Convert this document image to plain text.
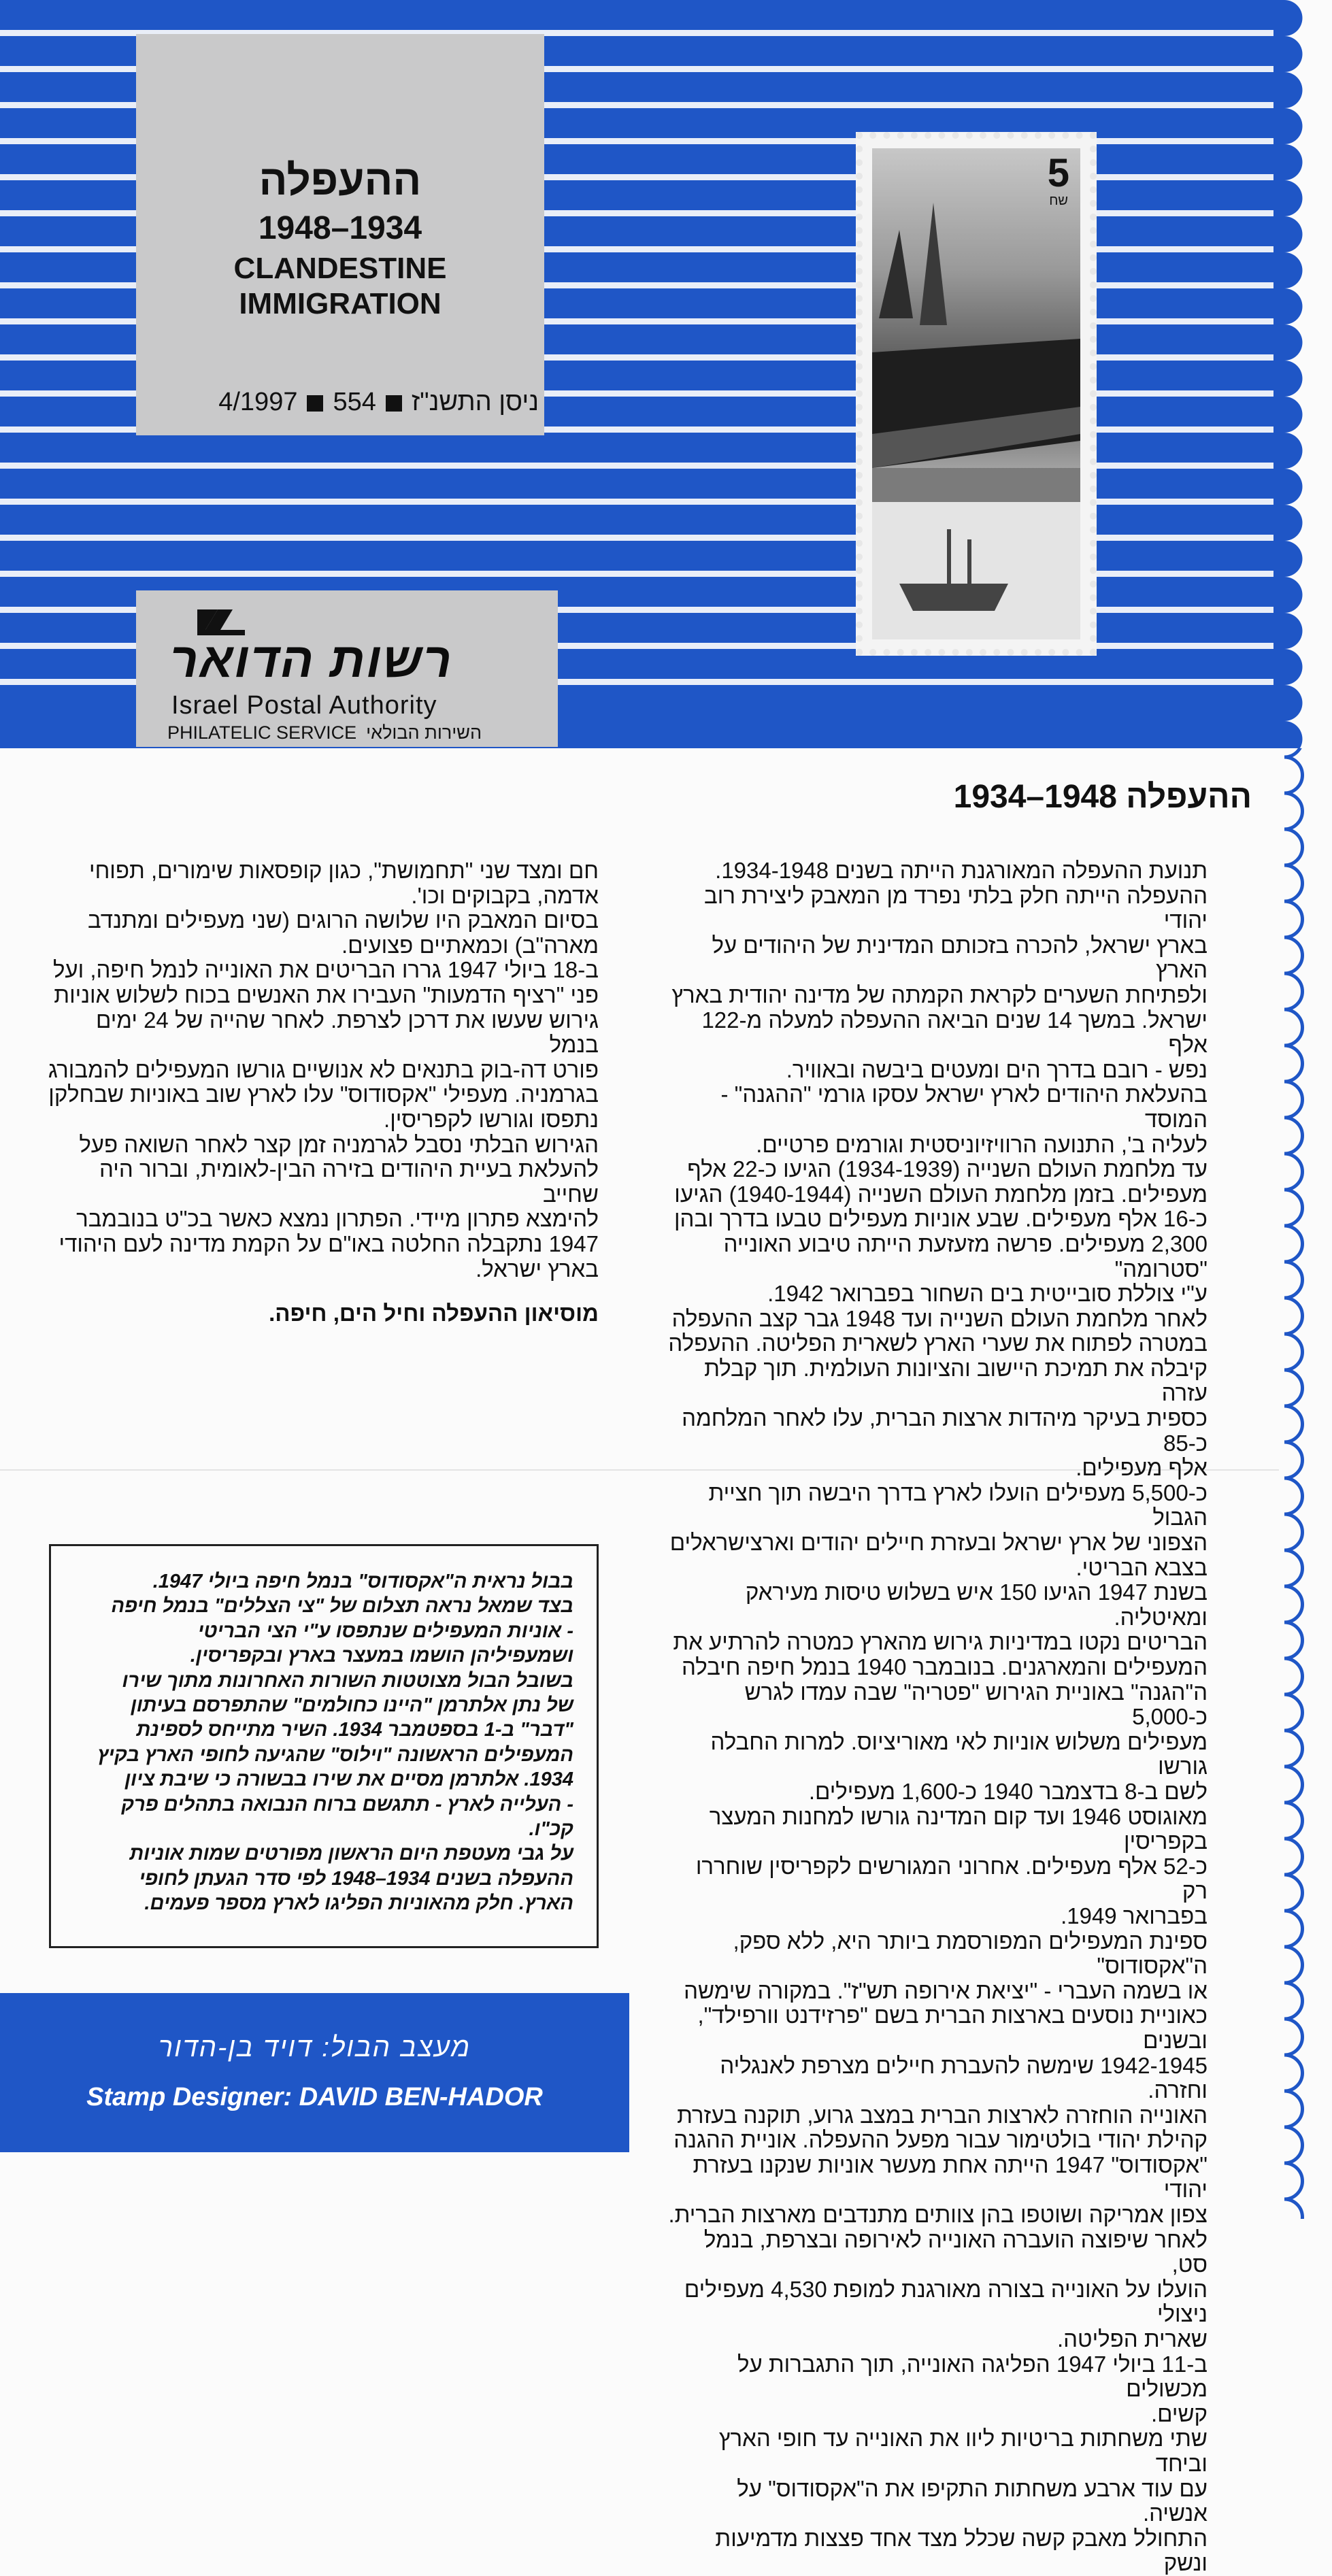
ההעפלה
1948–1934
CLANDESTINE
IMMIGRATION
ניסן התשנ"ז4/1997 554
רשות הדואר
Israel Postal Authority
PHILATELIC SERVICE השירות הבולאי
5
שח
ההעפלה 1948–1934

תנועת ההעפלה המאורגנת הייתה בשנים 1934-1948.

ההעפלה הייתה חלק בלתי נפרד מן המאבק ליצירת רוב יהודי

בארץ ישראל, להכרה בזכותם המדינית של היהודים על הארץ

ולפתיחת השערים לקראת הקמתה של מדינה יהודית בארץ

ישראל. במשך 14 שנים הביאה ההעפלה למעלה מ-122 אלף

נפש - רובם בדרך הים ומעטים ביבשה ובאוויר.

בהעלאת היהודים לארץ ישראל עסקו גורמי "ההגנה" - המוסד

לעליה ב', התנועה הרוויזיוניסטית וגורמים פרטיים.

עד מלחמת העולם השנייה (1934-1939) הגיעו כ-22 אלף

מעפילים. בזמן מלחמת העולם השנייה (1940-1944) הגיעו

כ-16 אלף מעפילים. שבע אוניות מעפילים טבעו בדרך ובהן

2,300 מעפילים. פרשה מזעזעת הייתה טיבוע האונייה "סטרומה"

ע"י צוללת סובייטית בים השחור בפברואר 1942.

לאחר מלחמת העולם השנייה ועד 1948 גבר קצב ההעפלה

במטרה לפתוח את שערי הארץ לשארית הפליטה. ההעפלה

קיבלה את תמיכת היישוב והציונות העולמית. תוך קבלת עזרה

כספית בעיקר מיהדות ארצות הברית, עלו לאחר המלחמה כ-85

אלף מעפילים.

כ-5,500 מעפילים הועלו לארץ בדרך היבשה תוך חציית הגבול

הצפוני של ארץ ישראל ובעזרת חיילים יהודים וארצישראלים

בצבא הבריטי.

בשנת 1947 הגיעו 150 איש בשלוש טיסות מעיראק ומאיטליה.

הבריטים נקטו במדיניות גירוש מהארץ כמטרה להרתיע את

המעפילים והמארגנים. בנובמבר 1940 בנמל חיפה חיבלה

ה"הגנה" באוניית הגירוש "פטריה" שבה עמדו לגרש כ-5,000

מעפילים משלוש אוניות לאי מאוריציוס. למרות החבלה גורשו

לשם ב-8 בדצמבר 1940 כ-1,600 מעפילים.

מאוגוסט 1946 ועד קום המדינה גורשו למחנות המעצר בקפריסין

כ-52 אלף מעפילים. אחרוני המגורשים לקפריסין שוחררו רק

בפברואר 1949.

ספינת המעפילים המפורסמת ביותר היא, ללא ספק, ה"אקסודוס"

או בשמה העברי - "יציאת אירופה תש"ז". במקורה שימשה

כאוניית נוסעים בארצות הברית בשם "פרזידנט וורפילד", ובשנים

1942-1945 שימשה להעברת חיילים מצרפת לאנגליה וחזרה.

האונייה הוחזרה לארצות הברית במצב גרוע, תוקנה בעזרת

קהילת יהודי בולטימור עבור מפעל ההעפלה. אוניית ההגנה

"אקסודוס" 1947 הייתה אחת מעשר אוניות שנקנו בעזרת יהודי

צפון אמריקה ושוטפו בהן צוותים מתנדבים מארצות הברית.

לאחר שיפוצה הועברה האונייה לאירופה ובצרפת, בנמל סט,

הועלו על האונייה בצורה מאורגנת למופת 4,530 מעפילים ניצולי

שארית הפליטה.

ב-11 ביולי 1947 הפליגה האונייה, תוך התגברות על מכשולים

קשים.

שתי משחתות בריטיות ליוו את האונייה עד חופי הארץ וביחד

עם עוד ארבע משחתות התקיפו את ה"אקסודוס" על אנשיה.

התחולל מאבק קשה שכלל מצד אחד פצצות מדמיעות ונשק

חם ומצד שני "תחמושת", כגון קופסאות שימורים, תפוחי

אדמה, בקבוקים וכו'.

בסיום המאבק היו שלושה הרוגים (שני מעפילים ומתנדב

מארה"ב) וכמאתיים פצועים.

ב-18 ביולי 1947 גררו הבריטים את האונייה לנמל חיפה, ועל

פני "רציף הדמעות" העבירו את האנשים בכוח לשלוש אוניות

גירוש שעשו את דרכן לצרפת. לאחר שהייה של 24 ימים בנמל

פורט דה-בוק בתנאים לא אנושיים גורשו המעפילים להמבורג

בגרמניה. מעפילי "אקסודוס" עלו לארץ שוב באוניות שבחלקן

נתפסו וגורשו לקפריסין.

הגירוש הבלתי נסבל לגרמניה זמן קצר לאחר השואה פעל

להעלאת בעיית היהודים בזירה הבין-לאומית, וברור היה שחייב

להימצא פתרון מיידי. הפתרון נמצא כאשר בכ"ט בנובמבר

1947 נתקבלה החלטה באו"ם על הקמת מדינה לעם היהודי

בארץ ישראל.

מוסיאון ההעפלה וחיל הים, חיפה.

בבול נראית ה"אקסודוס" בנמל חיפה ביולי 1947.

בצד שמאל נראה תצלום של "צי הצללים" בנמל חיפה

- אוניות המעפילים שנתפסו ע"י הצי הבריטי

ושמעפיליהן הושמו במעצר בארץ ובקפריסין.

בשובל הבול מצוטטות השורות האחרונות מתוך שירו

של נתן אלתרמן "היינו כחולמים" שהתפרסם בעיתון

"דבר" ב-1 בספטמבר 1934. השיר מתייחס לספינת

המעפילים הראשונה "וילוס" שהגיעה לחופי הארץ בקיץ

1934. אלתרמן מסיים את שירו בבשורה כי שיבת ציון

- העלייה לארץ - תתגשם ברוח הנבואה בתהלים פרק

קכ"ו.

על גבי מעטפת היום הראשון מפורטים שמות אוניות

ההעפלה בשנים 1934–1948 לפי סדר הגעתן לחופי

הארץ. חלק מהאוניות הפליגו לארץ מספר פעמים.

מעצב הבול: דויד בן-הדור
Stamp Designer: DAVID BEN-HADOR
